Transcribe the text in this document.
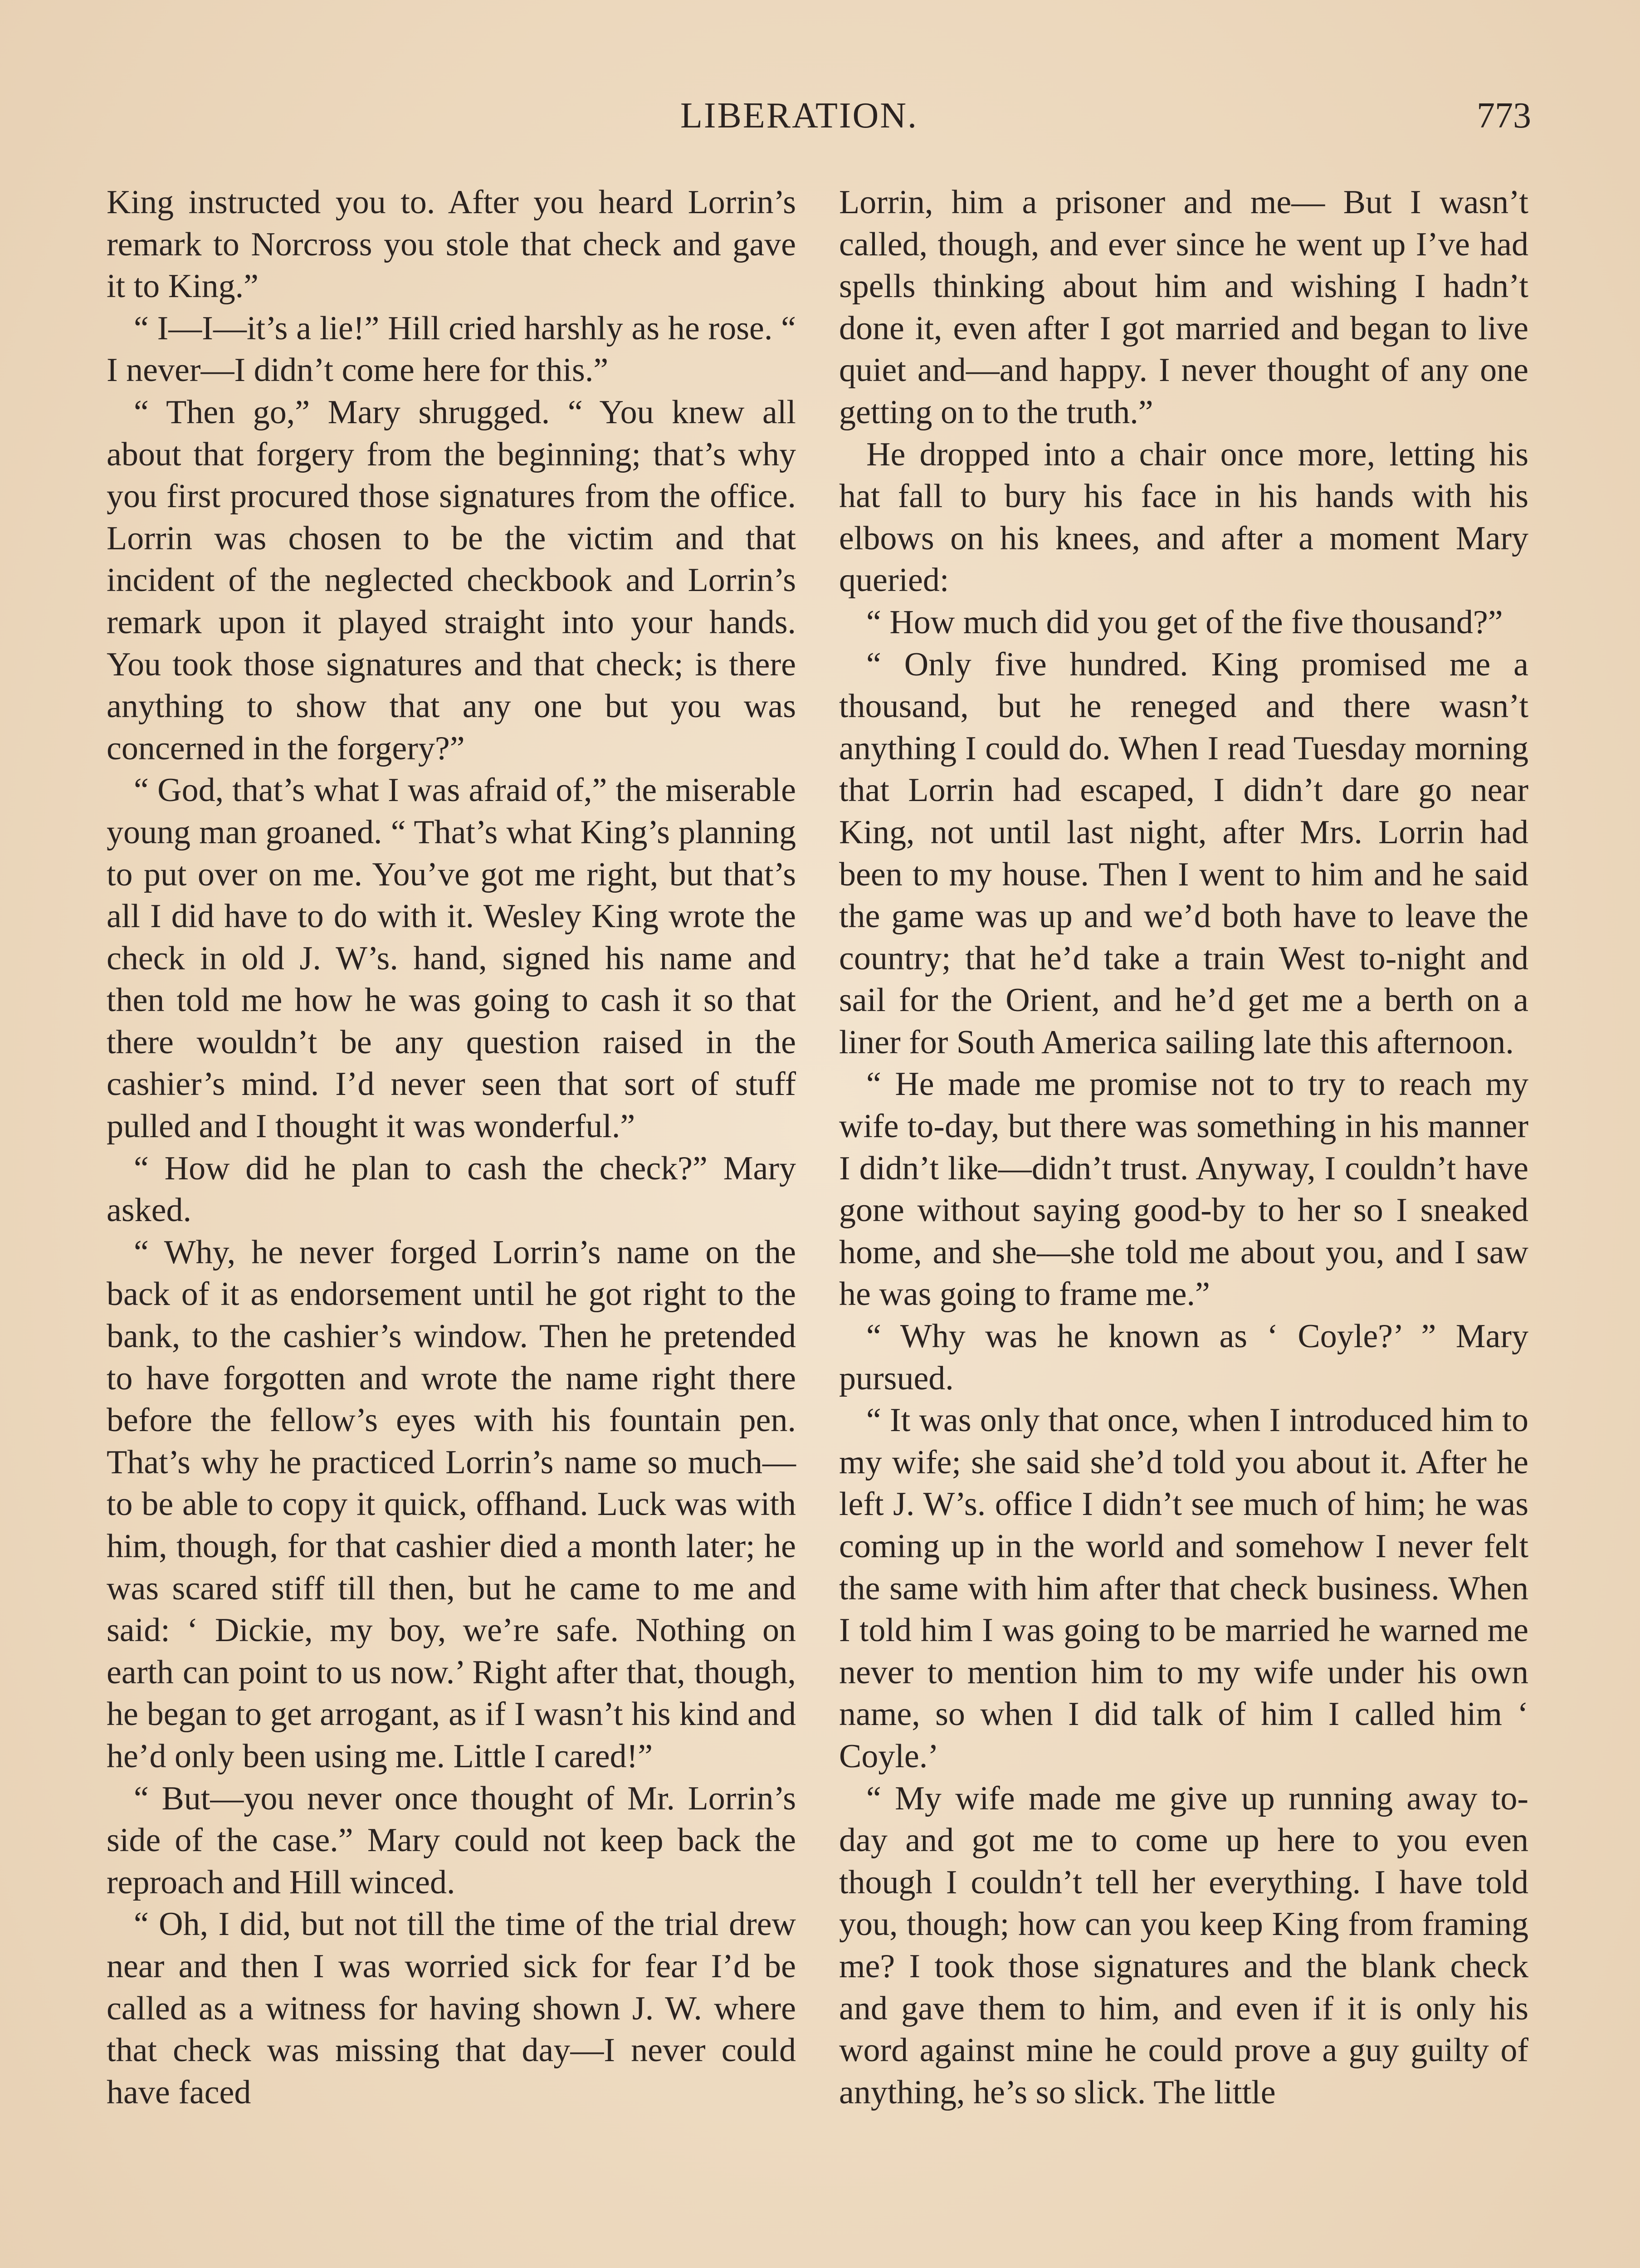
LIBERATION.	773

King instructed you to. After you heard Lorrin’s remark to Norcross you stole that check and gave it to King.”

“ I—I—it’s a lie!” Hill cried harshly as he rose. “ I never—I didn’t come here for this.”

“ Then go,” Mary shrugged. “ You knew all about that forgery from the beginning; that’s why you first procured those signatures from the office. Lorrin was chosen to be the victim and that incident of the neglected checkbook and Lorrin’s remark upon it played straight into your hands. You took those signatures and that check; is there anything to show that any one but you was concerned in the forgery?”

“ God, that’s what I was afraid of,” the miserable young man groaned. “ That’s what King’s planning to put over on me. You’ve got me right, but that’s all I did have to do with it. Wesley King wrote the check in old J. W’s. hand, signed his name and then told me how he was going to cash it so that there wouldn’t be any question raised in the cashier’s mind. I’d never seen that sort of stuff pulled and I thought it was wonderful.”

“ How did he plan to cash the check?” Mary asked.

“ Why, he never forged Lorrin’s name on the back of it as endorsement until he got right to the bank, to the cashier’s window. Then he pretended to have forgotten and wrote the name right there before the fellow’s eyes with his fountain pen. That’s why he practiced Lorrin’s name so much—to be able to copy it quick, offhand. Luck was with him, though, for that cashier died a month later; he was scared stiff till then, but he came to me and said: ‘ Dickie, my boy, we’re safe. Nothing on earth can point to us now.’ Right after that, though, he began to get arrogant, as if I wasn’t his kind and he’d only been using me. Little I cared!”

“ But—you never once thought of Mr. Lorrin’s side of the case.” Mary could not keep back the reproach and Hill winced.

“ Oh, I did, but not till the time of the trial drew near and then I was worried sick for fear I’d be called as a witness for having shown J. W. where that check was missing that day—I never could have faced

Lorrin, him a prisoner and me— But I wasn’t called, though, and ever since he went up I’ve had spells thinking about him and wishing I hadn’t done it, even after I got married and began to live quiet and—and happy. I never thought of any one getting on to the truth.”

He dropped into a chair once more, letting his hat fall to bury his face in his hands with his elbows on his knees, and after a moment Mary queried:

“ How much did you get of the five thousand?”

“ Only five hundred. King promised me a thousand, but he reneged and there wasn’t anything I could do. When I read Tuesday morning that Lorrin had escaped, I didn’t dare go near King, not until last night, after Mrs. Lorrin had been to my house. Then I went to him and he said the game was up and we’d both have to leave the country; that he’d take a train West to-night and sail for the Orient, and he’d get me a berth on a liner for South America sailing late this afternoon.

“ He made me promise not to try to reach my wife to-day, but there was something in his manner I didn’t like—didn’t trust. Anyway, I couldn’t have gone without saying good-by to her so I sneaked home, and she—she told me about you, and I saw he was going to frame me.”

“ Why was he known as ‘ Coyle?’ ” Mary pursued.

“ It was only that once, when I introduced him to my wife; she said she’d told you about it. After he left J. W’s. office I didn’t see much of him; he was coming up in the world and somehow I never felt the same with him after that check business. When I told him I was going to be married he warned me never to mention him to my wife under his own name, so when I did talk of him I called him ‘ Coyle.’

“ My wife made me give up running away to-day and got me to come up here to you even though I couldn’t tell her everything. I have told you, though; how can you keep King from framing me? I took those signatures and the blank check and gave them to him, and even if it is only his word against mine he could prove a guy guilty of anything, he’s so slick. The little
